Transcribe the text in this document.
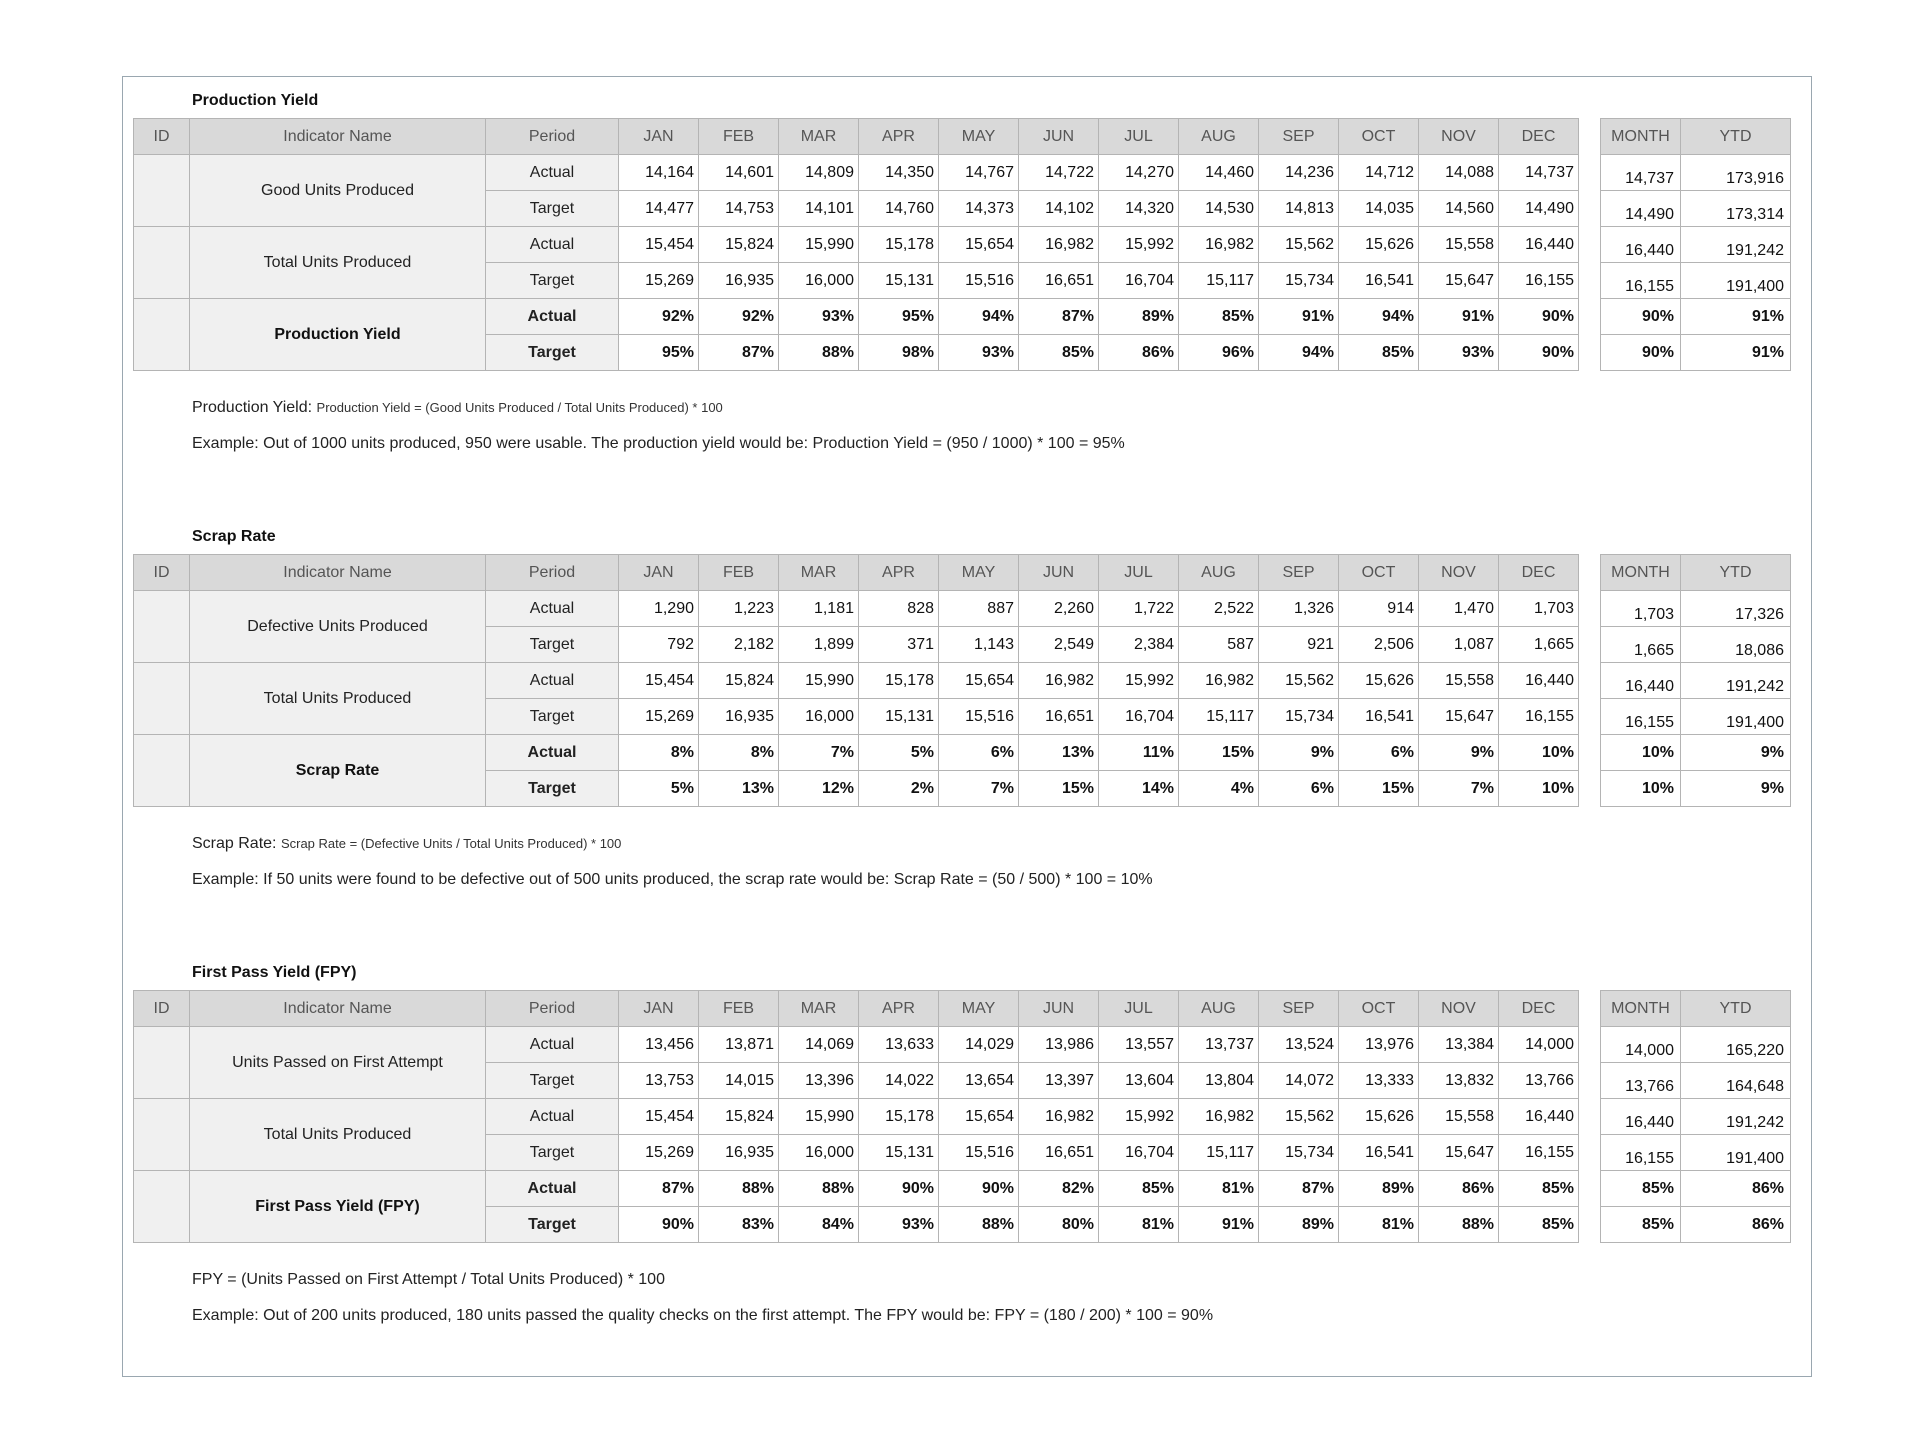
Production Yield
ID	Indicator Name	Period	JAN	FEB	MAR	APR	MAY	JUN	JUL	AUG	SEP	OCT	NOV	DEC		MONTH	YTD
	Good Units Produced	Actual	14,164	14,601	14,809	14,350	14,767	14,722	14,270	14,460	14,236	14,712	14,088	14,737		14,737	173,916
		Target	14,477	14,753	14,101	14,760	14,373	14,102	14,320	14,530	14,813	14,035	14,560	14,490		14,490	173,314
	Total Units Produced	Actual	15,454	15,824	15,990	15,178	15,654	16,982	15,992	16,982	15,562	15,626	15,558	16,440		16,440	191,242
		Target	15,269	16,935	16,000	15,131	15,516	16,651	16,704	15,117	15,734	16,541	15,647	16,155		16,155	191,400
	Production Yield	Actual	92%	92%	93%	95%	94%	87%	89%	85%	91%	94%	91%	90%		90%	91%
		Target	95%	87%	88%	98%	93%	85%	86%	96%	94%	85%	93%	90%		90%	91%
Production Yield: Production Yield = (Good Units Produced / Total Units Produced) * 100
Example: Out of 1000 units produced, 950 were usable. The production yield would be: Production Yield = (950 / 1000) * 100 = 95%
Scrap Rate
ID	Indicator Name	Period	JAN	FEB	MAR	APR	MAY	JUN	JUL	AUG	SEP	OCT	NOV	DEC		MONTH	YTD
	Defective Units Produced	Actual	1,290	1,223	1,181	828	887	2,260	1,722	2,522	1,326	914	1,470	1,703		1,703	17,326
		Target	792	2,182	1,899	371	1,143	2,549	2,384	587	921	2,506	1,087	1,665		1,665	18,086
	Total Units Produced	Actual	15,454	15,824	15,990	15,178	15,654	16,982	15,992	16,982	15,562	15,626	15,558	16,440		16,440	191,242
		Target	15,269	16,935	16,000	15,131	15,516	16,651	16,704	15,117	15,734	16,541	15,647	16,155		16,155	191,400
	Scrap Rate	Actual	8%	8%	7%	5%	6%	13%	11%	15%	9%	6%	9%	10%		10%	9%
		Target	5%	13%	12%	2%	7%	15%	14%	4%	6%	15%	7%	10%		10%	9%
Scrap Rate: Scrap Rate = (Defective Units / Total Units Produced) * 100
Example: If 50 units were found to be defective out of 500 units produced, the scrap rate would be: Scrap Rate = (50 / 500) * 100 = 10%
First Pass Yield (FPY)
ID	Indicator Name	Period	JAN	FEB	MAR	APR	MAY	JUN	JUL	AUG	SEP	OCT	NOV	DEC		MONTH	YTD
	Units Passed on First Attempt	Actual	13,456	13,871	14,069	13,633	14,029	13,986	13,557	13,737	13,524	13,976	13,384	14,000		14,000	165,220
		Target	13,753	14,015	13,396	14,022	13,654	13,397	13,604	13,804	14,072	13,333	13,832	13,766		13,766	164,648
	Total Units Produced	Actual	15,454	15,824	15,990	15,178	15,654	16,982	15,992	16,982	15,562	15,626	15,558	16,440		16,440	191,242
		Target	15,269	16,935	16,000	15,131	15,516	16,651	16,704	15,117	15,734	16,541	15,647	16,155		16,155	191,400
	First Pass Yield (FPY)	Actual	87%	88%	88%	90%	90%	82%	85%	81%	87%	89%	86%	85%		85%	86%
		Target	90%	83%	84%	93%	88%	80%	81%	91%	89%	81%	88%	85%		85%	86%
FPY = (Units Passed on First Attempt / Total Units Produced) * 100
Example: Out of 200 units produced, 180 units passed the quality checks on the first attempt. The FPY would be: FPY = (180 / 200) * 100 = 90%
